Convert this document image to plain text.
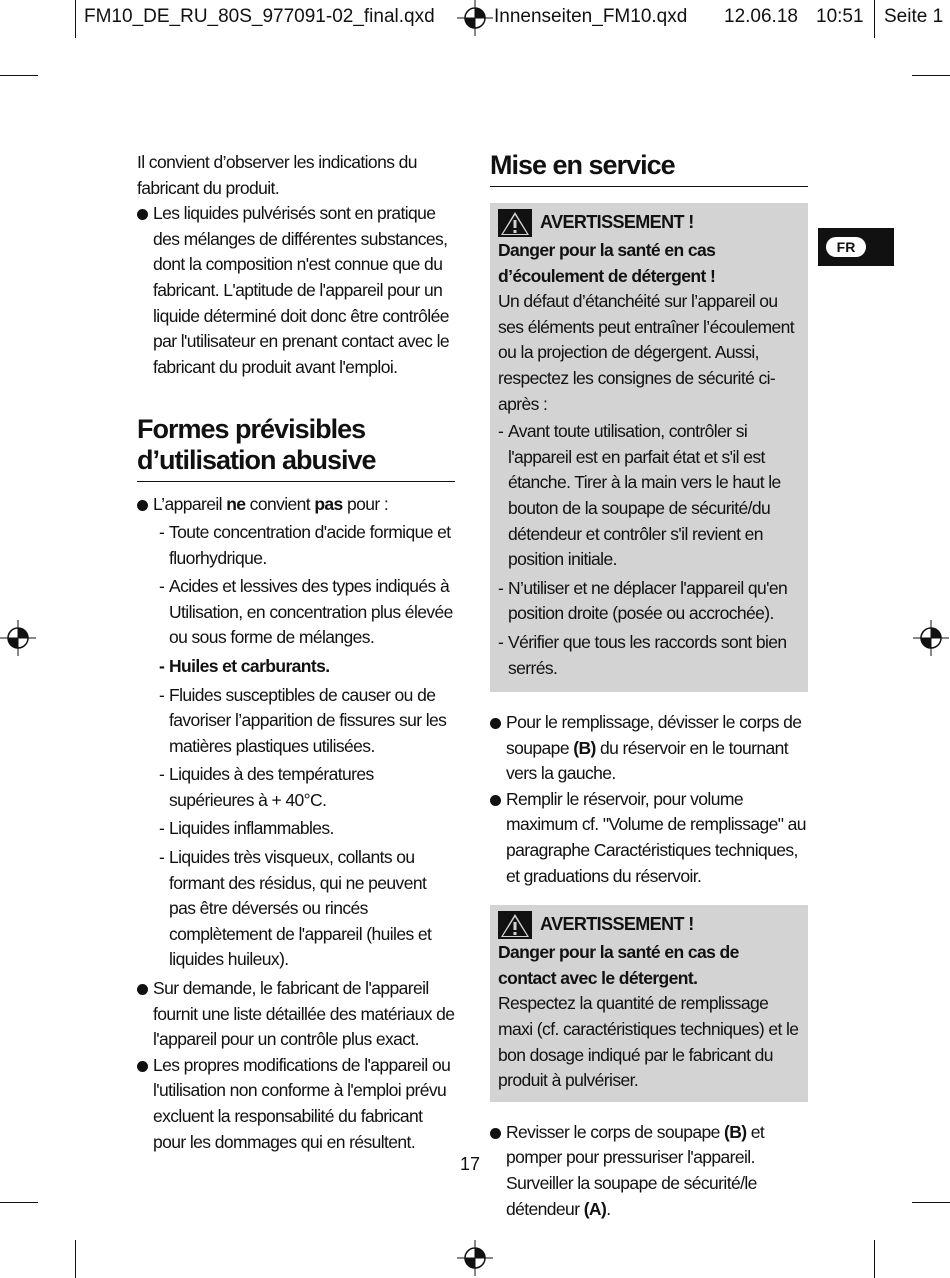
FM10_DE_RU_80S_977091-02_final.qxd	Innenseiten_FM10.qxd 12.06.18 10:51 Seite 1
FR

Il convient d’observer les indications du fabricant du produit.

Les liquides pulvérisés sont en pratique des mélanges de différentes substances, dont la composition n'est connue que du fabricant. L'aptitude de l'appareil pour un liquide déterminé doit donc être contrôlée par l'utilisateur en prenant contact avec le fabricant du produit avant l'emploi.
Formes prévisibles d’utilisation abusive
L’appareil ne convient pas pour :
- Toute concentration d'acide formique et fluorhydrique.
- Acides et lessives des types indiqués à Utilisation, en concentration plus élevée ou sous forme de mélanges.
- Huiles et carburants.
- Fluides susceptibles de causer ou de favoriser l’apparition de fissures sur les matières plastiques utilisées.
- Liquides à des températures supérieures à + 40°C.
- Liquides inflammables.
- Liquides très visqueux, collants ou formant des résidus, qui ne peuvent pas être déversés ou rincés complètement de l'appareil (huiles et liquides huileux).
Sur demande, le fabricant de l'appareil fournit une liste détaillée des matériaux de l'appareil pour un contrôle plus exact.
Les propres modifications de l'appareil ou l'utilisation non conforme à l'emploi prévu excluent la responsabilité du fabricant pour les dommages qui en résultent.
Mise en service
AVERTISSEMENT !
Danger pour la santé en cas d’écoulement de détergent !
Un défaut d’étanchéité sur l’appareil ou ses éléments peut entraîner l’écoulement ou la projection de dégergent. Aussi, respectez les consignes de sécurité ci-après :
- Avant toute utilisation, contrôler si l'appareil est en parfait état et s'il est étanche. Tirer à la main vers le haut le bouton de la soupape de sécurité/du détendeur et contrôler s'il revient en position initiale.
- N’utiliser et ne déplacer l'appareil qu'en position droite (posée ou accrochée).
- Vérifier que tous les raccords sont bien serrés.
Pour le remplissage, dévisser le corps de soupape (B) du réservoir en le tournant vers la gauche.
Remplir le réservoir, pour volume maximum cf. "Volume de remplissage" au paragraphe Caractéristiques techniques, et graduations du réservoir.
AVERTISSEMENT !
Danger pour la santé en cas de contact avec le détergent.
Respectez la quantité de remplissage maxi (cf. caractéristiques techniques) et le bon dosage indiqué par le fabricant du produit à pulvériser.
Revisser le corps de soupape (B) et pomper pour pressuriser l'appareil. Surveiller la soupape de sécurité/le détendeur (A).
17
